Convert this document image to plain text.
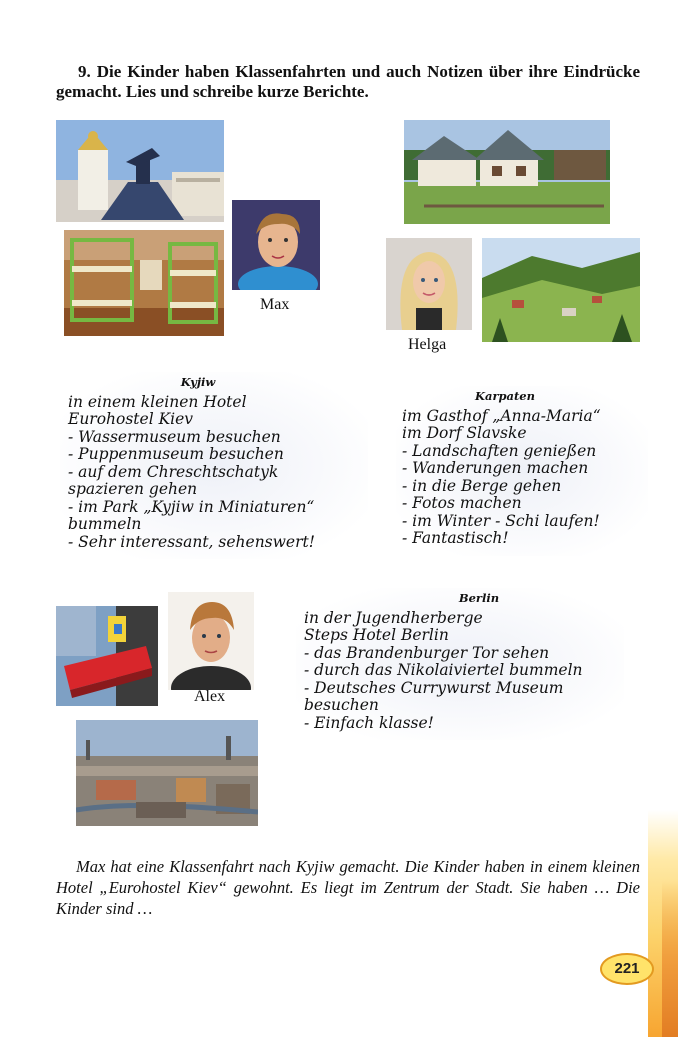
9. Die Kinder haben Klassenfahrten und auch Notizen über ihre Eindrücke gemacht. Lies und schreibe kurze Berichte.
Max
Helga
Kyjiw
in einem kleinen Hotel
Eurohostel Kiev
- Wassermuseum besuchen
- Puppenmuseum besuchen
- auf dem Chreschtschatyk
spazieren gehen
- im Park „Kyjiw in Miniaturen“
bummeln
- Sehr interessant, sehenswert!
Karpaten
im Gasthof „Anna-Maria“
im Dorf Slavske
- Landschaften genießen
- Wanderungen machen
- in die Berge gehen
- Fotos machen
- im Winter - Schi laufen!
- Fantastisch!
Alex
Berlin
in der Jugendherberge
Steps Hotel Berlin
- das Brandenburger Tor sehen
- durch das Nikolaiviertel bummeln
- Deutsches Currywurst Museum
besuchen
- Einfach klasse!
Max hat eine Klassenfahrt nach Kyjiw gemacht. Die Kinder haben in einem kleinen Hotel „Eurohostel Kiev“ gewohnt. Es liegt im Zentrum der Stadt. Sie haben … Die Kinder sind …
221
